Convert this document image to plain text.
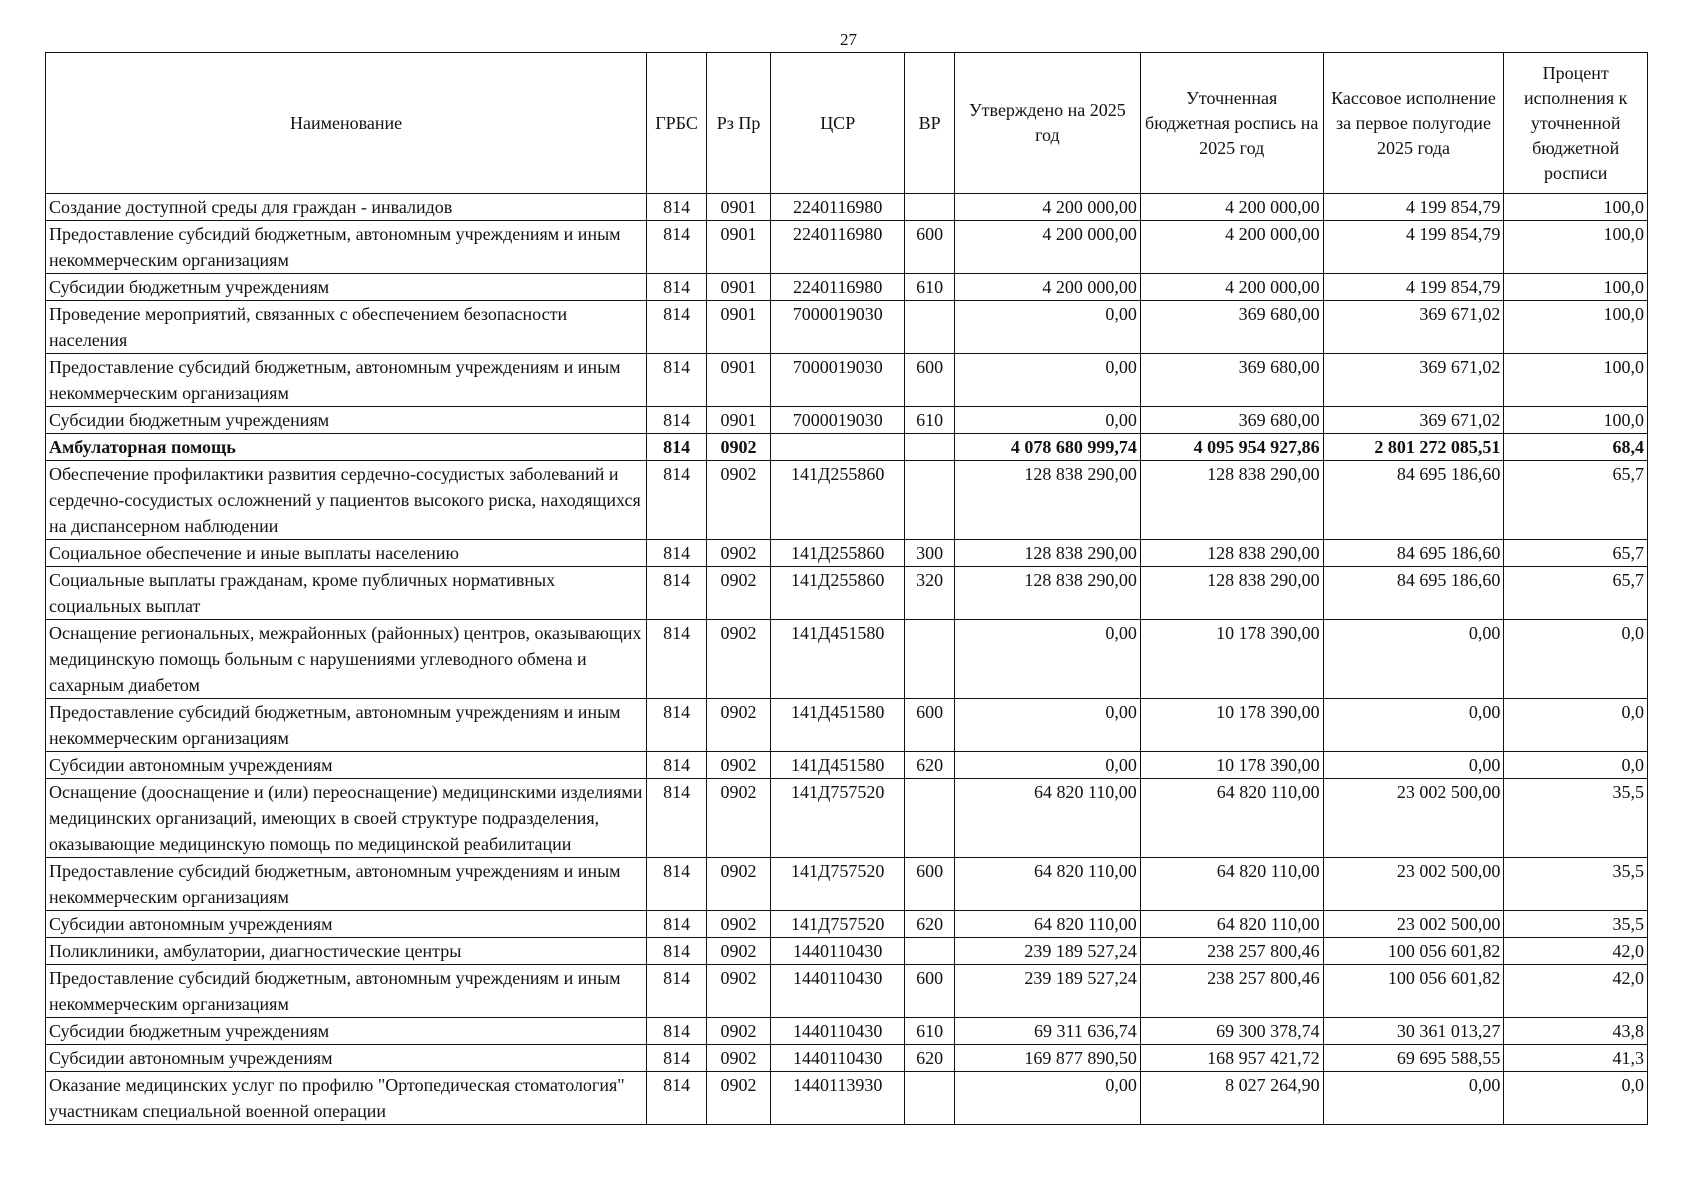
27
Наименование	ГРБС	Рз Пр	ЦСР	ВР	Утверждено на 2025 год	Уточненная бюджетная роспись на 2025 год	Кассовое исполнение за первое полугодие 2025 года	Процент исполнения к уточненной бюджетной росписи
Создание доступной среды для граждан - инвалидов	814	0901	2240116980		4 200 000,00	4 200 000,00	4 199 854,79	100,0
Предоставление субсидий бюджетным, автономным учреждениям и иным некоммерческим организациям	814	0901	2240116980	600	4 200 000,00	4 200 000,00	4 199 854,79	100,0
Субсидии бюджетным учреждениям	814	0901	2240116980	610	4 200 000,00	4 200 000,00	4 199 854,79	100,0
Проведение мероприятий, связанных с обеспечением безопасности населения	814	0901	7000019030		0,00	369 680,00	369 671,02	100,0
Предоставление субсидий бюджетным, автономным учреждениям и иным некоммерческим организациям	814	0901	7000019030	600	0,00	369 680,00	369 671,02	100,0
Субсидии бюджетным учреждениям	814	0901	7000019030	610	0,00	369 680,00	369 671,02	100,0
Амбулаторная помощь	814	0902			4 078 680 999,74	4 095 954 927,86	2 801 272 085,51	68,4
Обеспечение профилактики развития сердечно-сосудистых заболеваний и сердечно-сосудистых осложнений у пациентов высокого риска, находящихся на диспансерном наблюдении	814	0902	141Д255860		128 838 290,00	128 838 290,00	84 695 186,60	65,7
Социальное обеспечение и иные выплаты населению	814	0902	141Д255860	300	128 838 290,00	128 838 290,00	84 695 186,60	65,7
Социальные выплаты гражданам, кроме публичных нормативных социальных выплат	814	0902	141Д255860	320	128 838 290,00	128 838 290,00	84 695 186,60	65,7
Оснащение региональных, межрайонных (районных) центров, оказывающих медицинскую помощь больным с нарушениями углеводного обмена и сахарным диабетом	814	0902	141Д451580		0,00	10 178 390,00	0,00	0,0
Предоставление субсидий бюджетным, автономным учреждениям и иным некоммерческим организациям	814	0902	141Д451580	600	0,00	10 178 390,00	0,00	0,0
Субсидии автономным учреждениям	814	0902	141Д451580	620	0,00	10 178 390,00	0,00	0,0
Оснащение (дооснащение и (или) переоснащение) медицинскими изделиями медицинских организаций, имеющих в своей структуре подразделения, оказывающие медицинскую помощь по медицинской реабилитации	814	0902	141Д757520		64 820 110,00	64 820 110,00	23 002 500,00	35,5
Предоставление субсидий бюджетным, автономным учреждениям и иным некоммерческим организациям	814	0902	141Д757520	600	64 820 110,00	64 820 110,00	23 002 500,00	35,5
Субсидии автономным учреждениям	814	0902	141Д757520	620	64 820 110,00	64 820 110,00	23 002 500,00	35,5
Поликлиники, амбулатории, диагностические центры	814	0902	1440110430		239 189 527,24	238 257 800,46	100 056 601,82	42,0
Предоставление субсидий бюджетным, автономным учреждениям и иным некоммерческим организациям	814	0902	1440110430	600	239 189 527,24	238 257 800,46	100 056 601,82	42,0
Субсидии бюджетным учреждениям	814	0902	1440110430	610	69 311 636,74	69 300 378,74	30 361 013,27	43,8
Субсидии автономным учреждениям	814	0902	1440110430	620	169 877 890,50	168 957 421,72	69 695 588,55	41,3
Оказание медицинских услуг по профилю "Ортопедическая стоматология" участникам специальной военной операции	814	0902	1440113930		0,00	8 027 264,90	0,00	0,0
